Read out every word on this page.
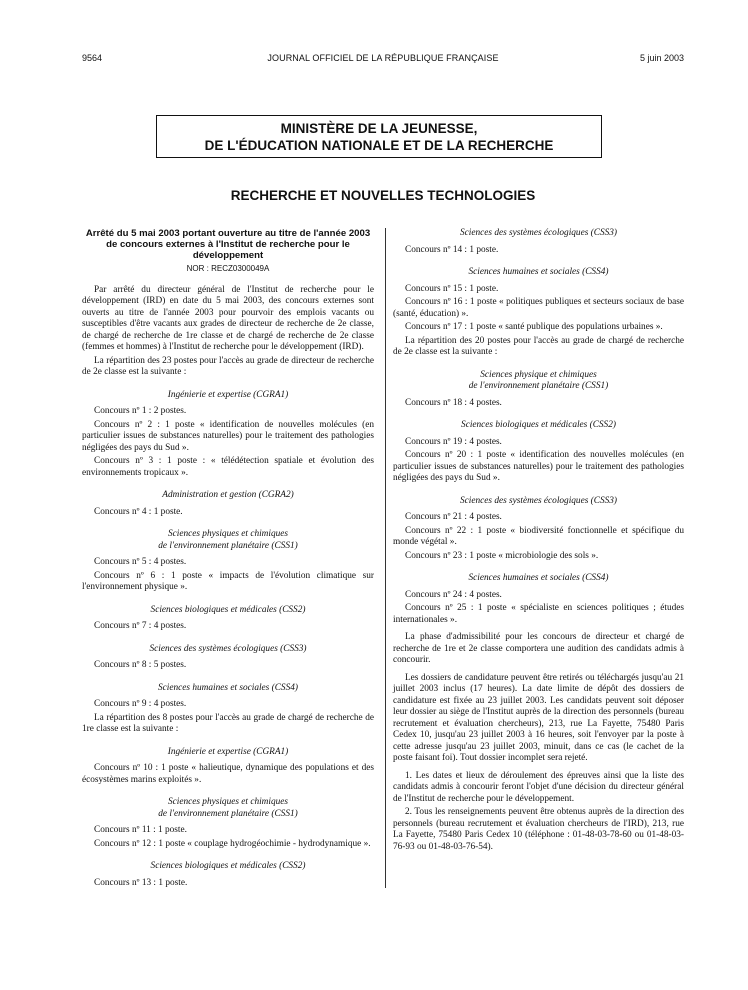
9564	JOURNAL OFFICIEL DE LA RÉPUBLIQUE FRANÇAISE	5 juin 2003
MINISTÈRE DE LA JEUNESSE,
DE L'ÉDUCATION NATIONALE ET DE LA RECHERCHE
RECHERCHE ET NOUVELLES TECHNOLOGIES
Arrêté du 5 mai 2003 portant ouverture au titre de l'année 2003 de concours externes à l'Institut de recherche pour le développement
NOR : RECZ0300049A

Par arrêté du directeur général de l'Institut de recherche pour le développement (IRD) en date du 5 mai 2003, des concours externes sont ouverts au titre de l'année 2003 pour pourvoir des emplois vacants ou susceptibles d'être vacants aux grades de directeur de recherche de 2e classe, de chargé de recherche de 1re classe et de chargé de recherche de 2e classe (femmes et hommes) à l'Institut de recherche pour le développement (IRD).

La répartition des 23 postes pour l'accès au grade de directeur de recherche de 2e classe est la suivante :

Ingénierie et expertise (CGRA1)

Concours nº 1 : 2 postes.

Concours nº 2 : 1 poste « identification de nouvelles molécules (en particulier issues de substances naturelles) pour le traitement des pathologies négligées des pays du Sud ».

Concours nº 3 : 1 poste : « télédétection spatiale et évolution des environnements tropicaux ».

Administration et gestion (CGRA2)

Concours nº 4 : 1 poste.

Sciences physiques et chimiques
de l'environnement planétaire (CSS1)

Concours nº 5 : 4 postes.

Concours nº 6 : 1 poste « impacts de l'évolution climatique sur l'environnement physique ».

Sciences biologiques et médicales (CSS2)

Concours nº 7 : 4 postes.

Sciences des systèmes écologiques (CSS3)

Concours nº 8 : 5 postes.

Sciences humaines et sociales (CSS4)

Concours nº 9 : 4 postes.

La répartition des 8 postes pour l'accès au grade de chargé de recherche de 1re classe est la suivante :

Ingénierie et expertise (CGRA1)

Concours nº 10 : 1 poste « halieutique, dynamique des populations et des écosystèmes marins exploités ».

Sciences physiques et chimiques
de l'environnement planétaire (CSS1)

Concours nº 11 : 1 poste.

Concours nº 12 : 1 poste « couplage hydrogéochimie - hydrodynamique ».

Sciences biologiques et médicales (CSS2)

Concours nº 13 : 1 poste.

Sciences des systèmes écologiques (CSS3)

Concours nº 14 : 1 poste.

Sciences humaines et sociales (CSS4)

Concours nº 15 : 1 poste.

Concours nº 16 : 1 poste « politiques publiques et secteurs sociaux de base (santé, éducation) ».

Concours nº 17 : 1 poste « santé publique des populations urbaines ».

La répartition des 20 postes pour l'accès au grade de chargé de recherche de 2e classe est la suivante :

Sciences physique et chimiques
de l'environnement planétaire (CSS1)

Concours nº 18 : 4 postes.

Sciences biologiques et médicales (CSS2)

Concours nº 19 : 4 postes.

Concours nº 20 : 1 poste « identification des nouvelles molécules (en particulier issues de substances naturelles) pour le traitement des pathologies négligées des pays du Sud ».

Sciences des systèmes écologiques (CSS3)

Concours nº 21 : 4 postes.

Concours nº 22 : 1 poste « biodiversité fonctionnelle et spécifique du monde végétal ».

Concours nº 23 : 1 poste « microbiologie des sols ».

Sciences humaines et sociales (CSS4)

Concours nº 24 : 4 postes.

Concours nº 25 : 1 poste « spécialiste en sciences politiques ; études internationales ».

La phase d'admissibilité pour les concours de directeur et chargé de recherche de 1re et 2e classe comportera une audition des candidats admis à concourir.

Les dossiers de candidature peuvent être retirés ou téléchargés jusqu'au 21 juillet 2003 inclus (17 heures). La date limite de dépôt des dossiers de candidature est fixée au 23 juillet 2003. Les candidats peuvent soit déposer leur dossier au siège de l'Institut auprès de la direction des personnels (bureau recrutement et évaluation chercheurs), 213, rue La Fayette, 75480 Paris Cedex 10, jusqu'au 23 juillet 2003 à 16 heures, soit l'envoyer par la poste à cette adresse jusqu'au 23 juillet 2003, minuit, dans ce cas (le cachet de la poste faisant foi). Tout dossier incomplet sera rejeté.

1. Les dates et lieux de déroulement des épreuves ainsi que la liste des candidats admis à concourir feront l'objet d'une décision du directeur général de l'Institut de recherche pour le développement.

2. Tous les renseignements peuvent être obtenus auprès de la direction des personnels (bureau recrutement et évaluation chercheurs de l'IRD), 213, rue La Fayette, 75480 Paris Cedex 10 (téléphone : 01-48-03-78-60 ou 01-48-03-76-93 ou 01-48-03-76-54).
